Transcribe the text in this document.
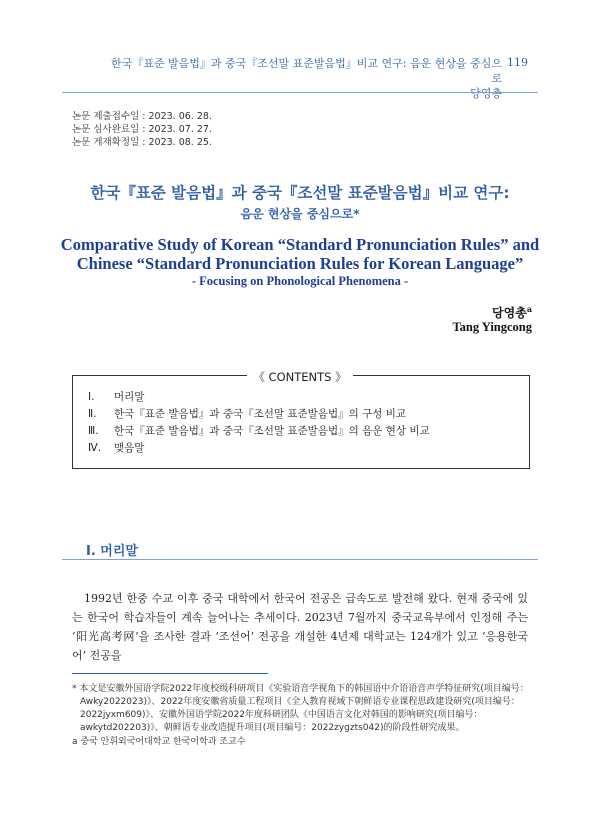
한국『표준 발음법』과 중국『조선말 표준발음법』비교 연구: 음운 현상을 중심으로
당영총
119
논문 제출접수일 : 2023. 06. 28.
논문 심사완료일 : 2023. 07. 27.
논문 게재확정일 : 2023. 08. 25.
한국『표준 발음법』과 중국『조선말 표준발음법』비교 연구:
음운 현상을 중심으로*
Comparative Study of Korean “Standard Pronunciation Rules” and
Chinese “Standard Pronunciation Rules for Korean Language”
- Focusing on Phonological Phenomena -
당영총$^a$
Tang Yingcong
《 CONTENTS 》
Ⅰ. 머리말
Ⅱ. 한국『표준 발음법』과 중국『조선말 표준발음법』의 구성 비교
Ⅲ. 한국『표준 발음법』과 중국『조선말 표준발음법』의 음운 현상 비교
Ⅳ. 맺음말
Ⅰ. 머리말

1992년 한중 수교 이후 중국 대학에서 한국어 전공은 급속도로 발전해 왔다. 현재 중국에 있는 한국어 학습자들이 계속 늘어나는 추세이다. 2023년 7월까지 중국교육부에서 인정해 주는 ‘阳光高考网’을 조사한 결과 ‘조선어’ 전공을 개설한 4년제 대학교는 124개가 있고 ‘응용한국어’ 전공을

* 本文是安徽外国语学院2022年度校级科研项目《实验语音学视角下的韩国语中介语语音声学特征研究(项目编号：Awky2022023)》、2022年度安徽省质量工程项目《全人教育视域下朝鲜语专业课程思政建设研究(项目编号：2022jyxm609)》、安徽外国语学院2022年度科研团队《中国语言文化对韩国的影响研究(项目编号：awkytd202203)》、朝鲜语专业改造提升项目(项目编号：2022zygzts042)的阶段性研究成果。

a 중국 안휘외국어대학교 한국어학과 조교수
